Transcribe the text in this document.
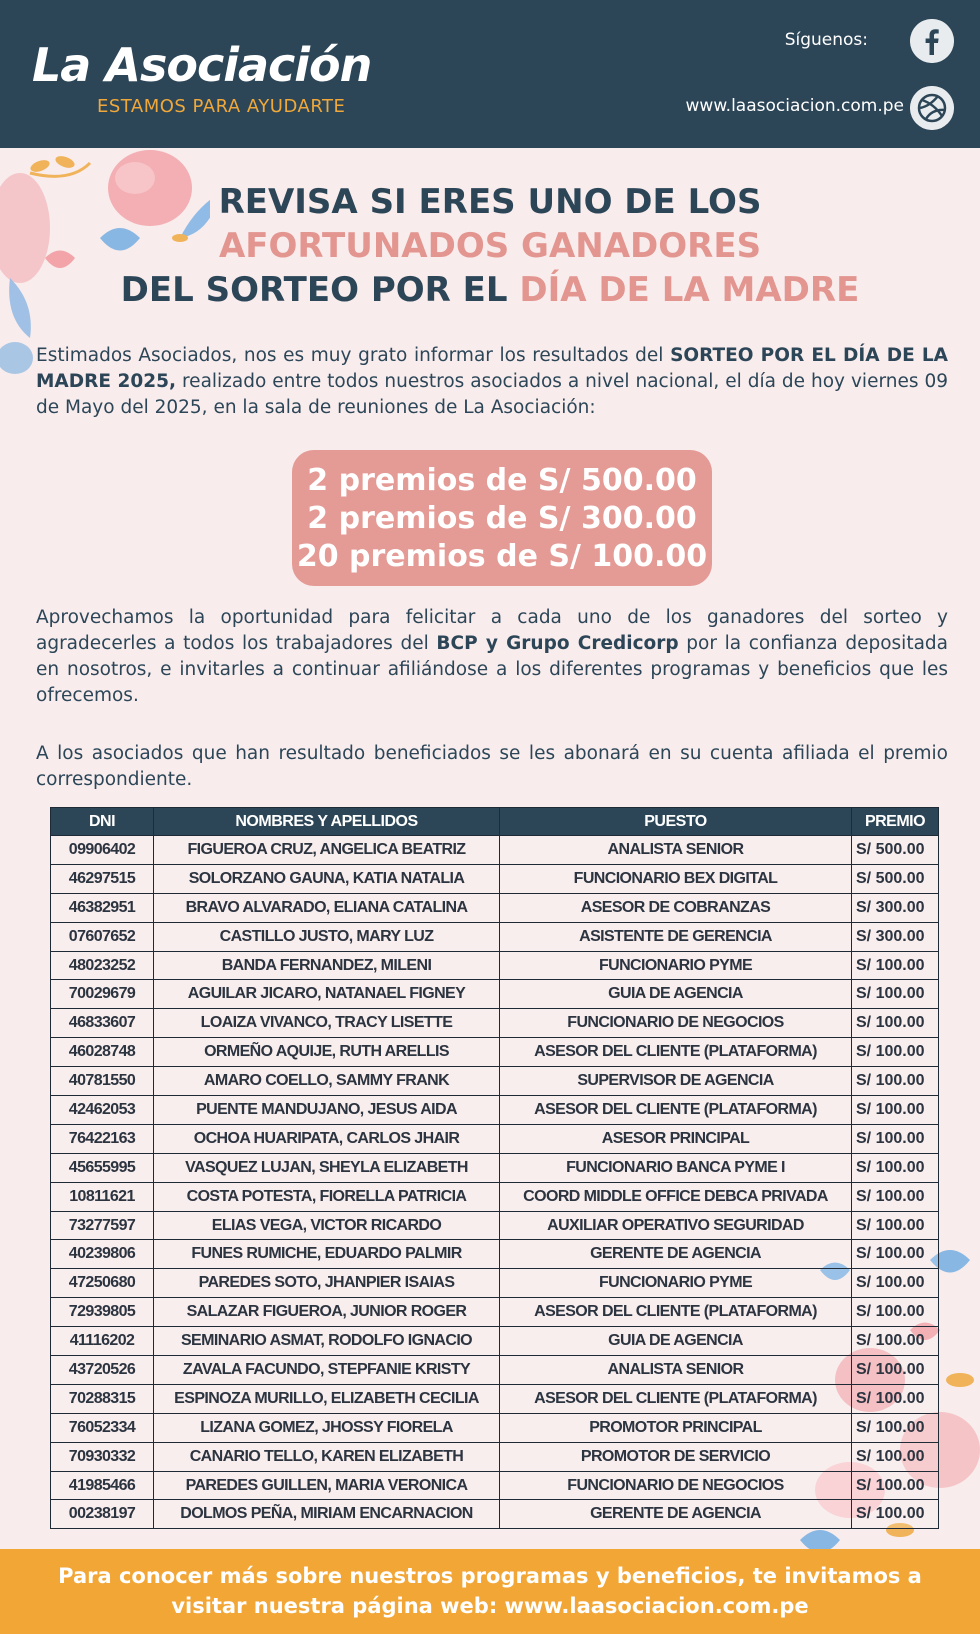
La Asociación
ESTAMOS PARA AYUDARTE
Síguenos:
www.laasociacion.com.pe
REVISA SI ERES UNO DE LOS
AFORTUNADOS GANADORES
DEL SORTEO POR EL DÍA DE LA MADRE
Estimados Asociados, nos es muy grato informar los resultados del SORTEO POR EL DÍA DE LA MADRE 2025, realizado entre todos nuestros asociados a nivel nacional, el día de hoy viernes 09 de Mayo del 2025, en la sala de reuniones de La Asociación:
2 premios de S/ 500.00
2 premios de S/ 300.00
20 premios de S/ 100.00
Aprovechamos la oportunidad para felicitar a cada uno de los ganadores del sorteo y agradecerles a todos los trabajadores del BCP y Grupo Credicorp por la confianza depositada en nosotros, e invitarles a continuar afiliándose a los diferentes programas y beneficios que les ofrecemos.
A los asociados que han resultado beneficiados se les abonará en su cuenta afiliada el premio correspondiente.
DNI	NOMBRES Y APELLIDOS	PUESTO	PREMIO
09906402	FIGUEROA CRUZ, ANGELICA BEATRIZ	ANALISTA SENIOR	S/ 500.00
46297515	SOLORZANO GAUNA, KATIA NATALIA	FUNCIONARIO BEX DIGITAL	S/ 500.00
46382951	BRAVO ALVARADO, ELIANA CATALINA	ASESOR DE COBRANZAS	S/ 300.00
07607652	CASTILLO JUSTO, MARY LUZ	ASISTENTE DE GERENCIA	S/ 300.00
48023252	BANDA FERNANDEZ, MILENI	FUNCIONARIO PYME	S/ 100.00
70029679	AGUILAR JICARO, NATANAEL FIGNEY	GUIA DE AGENCIA	S/ 100.00
46833607	LOAIZA VIVANCO, TRACY LISETTE	FUNCIONARIO DE NEGOCIOS	S/ 100.00
46028748	ORMEÑO AQUIJE, RUTH ARELLIS	ASESOR DEL CLIENTE (PLATAFORMA)	S/ 100.00
40781550	AMARO COELLO, SAMMY FRANK	SUPERVISOR DE AGENCIA	S/ 100.00
42462053	PUENTE MANDUJANO, JESUS AIDA	ASESOR DEL CLIENTE (PLATAFORMA)	S/ 100.00
76422163	OCHOA HUARIPATA, CARLOS JHAIR	ASESOR PRINCIPAL	S/ 100.00
45655995	VASQUEZ LUJAN, SHEYLA ELIZABETH	FUNCIONARIO BANCA PYME I	S/ 100.00
10811621	COSTA POTESTA, FIORELLA PATRICIA	COORD MIDDLE OFFICE DEBCA PRIVADA	S/ 100.00
73277597	ELIAS VEGA, VICTOR RICARDO	AUXILIAR OPERATIVO SEGURIDAD	S/ 100.00
40239806	FUNES RUMICHE, EDUARDO PALMIR	GERENTE DE AGENCIA	S/ 100.00
47250680	PAREDES SOTO, JHANPIER ISAIAS	FUNCIONARIO PYME	S/ 100.00
72939805	SALAZAR FIGUEROA, JUNIOR ROGER	ASESOR DEL CLIENTE (PLATAFORMA)	S/ 100.00
41116202	SEMINARIO ASMAT, RODOLFO IGNACIO	GUIA DE AGENCIA	S/ 100.00
43720526	ZAVALA FACUNDO, STEPFANIE KRISTY	ANALISTA SENIOR	S/ 100.00
70288315	ESPINOZA MURILLO, ELIZABETH CECILIA	ASESOR DEL CLIENTE (PLATAFORMA)	S/ 100.00
76052334	LIZANA GOMEZ, JHOSSY FIORELA	PROMOTOR PRINCIPAL	S/ 100.00
70930332	CANARIO TELLO, KAREN ELIZABETH	PROMOTOR DE SERVICIO	S/ 100.00
41985466	PAREDES GUILLEN, MARIA VERONICA	FUNCIONARIO DE NEGOCIOS	S/ 100.00
00238197	DOLMOS PEÑA, MIRIAM ENCARNACION	GERENTE DE AGENCIA	S/ 100.00
Para conocer más sobre nuestros programas y beneficios, te invitamos a
visitar nuestra página web: www.laasociacion.com.pe
